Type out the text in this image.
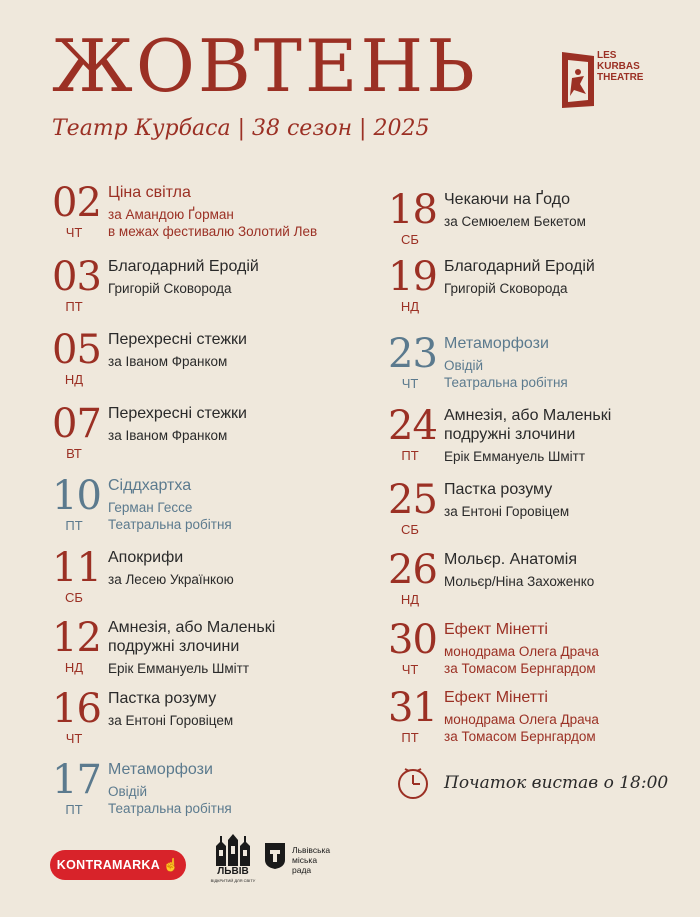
ЖОВТЕНЬ
Театр Курбаса | 38 сезон | 2025
LES
KURBAS
THEATRE
02
ЧТ
Ціна світла
за Амандою Ґорман
в межах фестивалю Золотий Лев
03
ПТ
Благодарний Еродій
Григорій Сковорода
05
НД
Перехресні стежки
за Іваном Франком
07
ВТ
Перехресні стежки
за Іваном Франком
10
ПТ
Сіддхартха
Герман Гессе
Театральна робітня
11
СБ
Апокрифи
за Лесею Українкою
12
НД
Амнезія, або Маленькі подружні злочини
Ерік Еммануель Шмітт
16
ЧТ
Пастка розуму
за Ентоні Горовіцем
17
ПТ
Метаморфози
Овідій
Театральна робітня
18
СБ
Чекаючи на Ґодо
за Семюелем Бекетом
19
НД
Благодарний Еродій
Григорій Сковорода
23
ЧТ
Метаморфози
Овідій
Театральна робітня
24
ПТ
Амнезія, або Маленькі подружні злочини
Ерік Еммануель Шмітт
25
СБ
Пастка розуму
за Ентоні Горовіцем
26
НД
Мольєр. Анатомія
Мольєр/Ніна Захоженко
30
ЧТ
Ефект Мінетті
монодрама Олега Драча
за Томасом Бернгардом
31
ПТ
Ефект Мінетті
монодрама Олега Драча
за Томасом Бернгардом
Початок вистав о 18:00
KONTRAMARKA ☝	ЛЬВІВ
ВІДКРИТИЙ ДЛЯ СВІТУ
Львівська
міська
рада
